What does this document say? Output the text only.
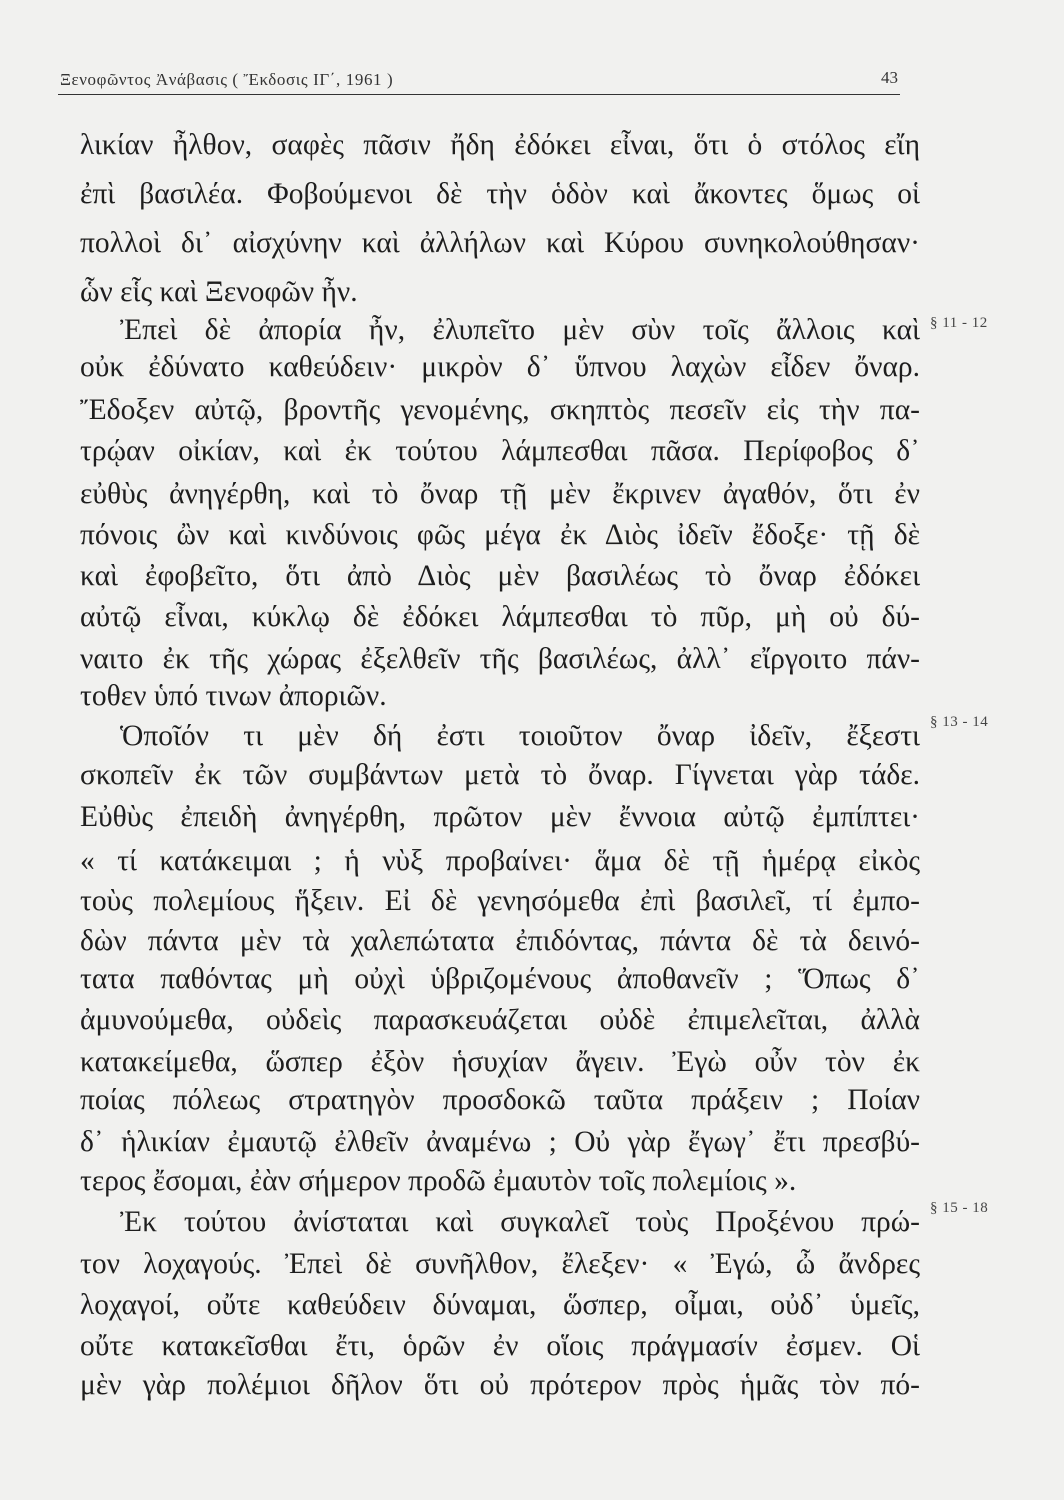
Ξενοφῶντος Ἀνάβασις ( Ἔκδοσις ΙΓ΄, 1961 )	43
λικίαν ἦλθον, σαφὲς πᾶσιν ἤδη ἐδόκει εἶναι, ὅτι ὁ στόλος εἴη
ἐπὶ βασιλέα. Φοβούμενοι δὲ τὴν ὁδὸν καὶ ἄκοντες ὅμως οἱ
πολλοὶ δι᾽ αἰσχύνην καὶ ἀλλήλων καὶ Κύρου συνηκολούθησαν·
ὧν εἷς καὶ Ξενοφῶν ἦν.
Ἐπεὶ δὲ ἀπορία ἦν, ἐλυπεῖτο μὲν σὺν τοῖς ἄλλοις καὶ
οὐκ ἐδύνατο καθεύδειν· μικρὸν δ᾽ ὕπνου λαχὼν εἶδεν ὄναρ.
Ἔδοξεν αὐτῷ, βροντῆς γενομένης, σκηπτὸς πεσεῖν εἰς τὴν πα-
τρῴαν οἰκίαν, καὶ ἐκ τούτου λάμπεσθαι πᾶσα. Περίφοβος δ᾽
εὐθὺς ἀνηγέρθη, καὶ τὸ ὄναρ τῇ μὲν ἔκρινεν ἀγαθόν, ὅτι ἐν
πόνοις ὢν καὶ κινδύνοις φῶς μέγα ἐκ Διὸς ἰδεῖν ἔδοξε· τῇ δὲ
καὶ ἐφοβεῖτο, ὅτι ἀπὸ Διὸς μὲν βασιλέως τὸ ὄναρ ἐδόκει
αὐτῷ εἶναι, κύκλῳ δὲ ἐδόκει λάμπεσθαι τὸ πῦρ, μὴ οὐ δύ-
ναιτο ἐκ τῆς χώρας ἐξελθεῖν τῆς βασιλέως, ἀλλ᾽ εἴργοιτο πάν-
τοθεν ὑπό τινων ἀποριῶν.
Ὁποῖόν τι μὲν δή ἐστι τοιοῦτον ὄναρ ἰδεῖν, ἔξεστι
σκοπεῖν ἐκ τῶν συμβάντων μετὰ τὸ ὄναρ. Γίγνεται γὰρ τάδε.
Εὐθὺς ἐπειδὴ ἀνηγέρθη, πρῶτον μὲν ἔννοια αὐτῷ ἐμπίπτει·
« τί κατάκειμαι ; ἡ νὺξ προβαίνει· ἅμα δὲ τῇ ἡμέρᾳ εἰκὸς
τοὺς πολεμίους ἥξειν. Εἰ δὲ γενησόμεθα ἐπὶ βασιλεῖ, τί ἐμπο-
δὼν πάντα μὲν τὰ χαλεπώτατα ἐπιδόντας, πάντα δὲ τὰ δεινό-
τατα παθόντας μὴ οὐχὶ ὑβριζομένους ἀποθανεῖν ; Ὅπως δ᾽
ἀμυνούμεθα, οὐδεὶς παρασκευάζεται οὐδὲ ἐπιμελεῖται, ἀλλὰ
κατακείμεθα, ὥσπερ ἐξὸν ἡσυχίαν ἄγειν. Ἐγὼ οὖν τὸν ἐκ
ποίας πόλεως στρατηγὸν προσδοκῶ ταῦτα πράξειν ; Ποίαν
δ᾽ ἡλικίαν ἐμαυτῷ ἐλθεῖν ἀναμένω ; Οὐ γὰρ ἔγωγ᾽ ἔτι πρεσβύ-
τερος ἔσομαι, ἐὰν σήμερον προδῶ ἐμαυτὸν τοῖς πολεμίοις ».
Ἐκ τούτου ἀνίσταται καὶ συγκαλεῖ τοὺς Προξένου πρώ-
τον λοχαγούς. Ἐπεὶ δὲ συνῆλθον, ἔλεξεν· « Ἐγώ, ὦ ἄνδρες
λοχαγοί, οὔτε καθεύδειν δύναμαι, ὥσπερ, οἶμαι, οὐδ᾽ ὑμεῖς,
οὔτε κατακεῖσθαι ἔτι, ὁρῶν ἐν οἵοις πράγμασίν ἐσμεν. Οἱ
μὲν γὰρ πολέμιοι δῆλον ὅτι οὐ πρότερον πρὸς ἡμᾶς τὸν πό-
§ 11 - 12
§ 13 - 14
§ 15 - 18
